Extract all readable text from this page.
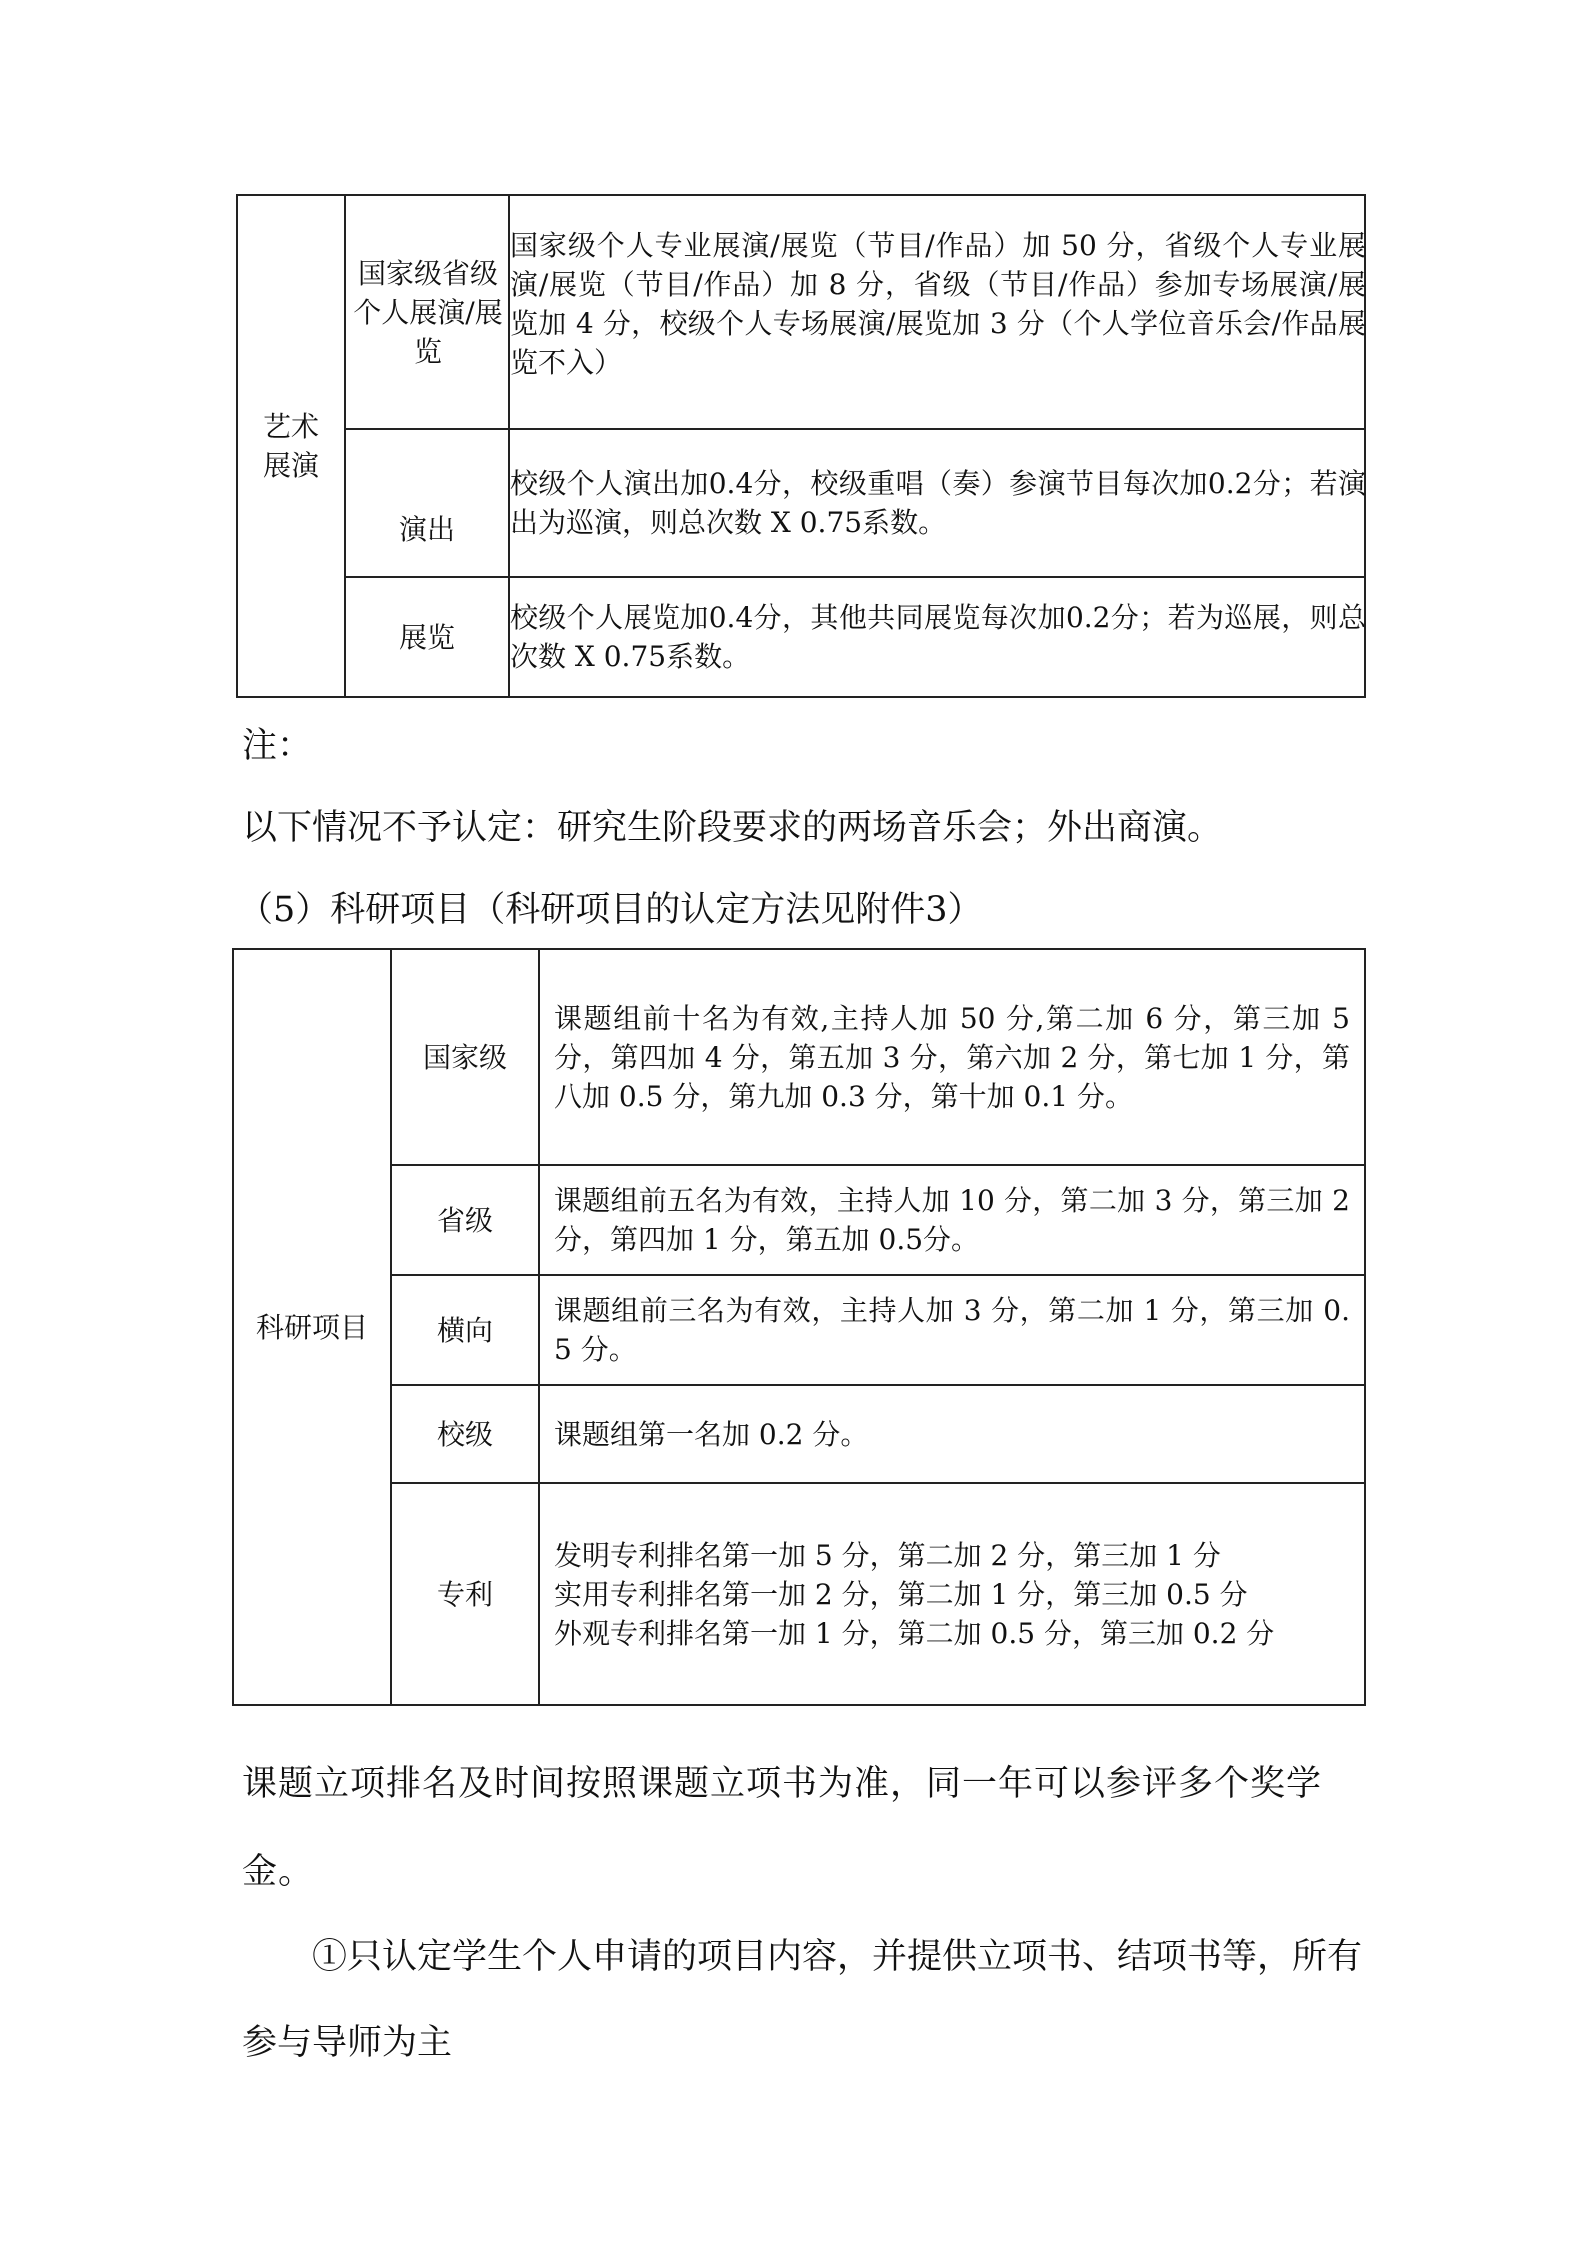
艺术展演	国家级省级个人展演/展览	国家级个人专业展演/展览（节目/作品）加 50 分，省级个人专业展演/展览（节目/作品）加 8 分，省级（节目/作品）参加专场展演/展览加 4 分，校级个人专场展演/展览加 3 分（个人学位音乐会/作品展览不入）

	演出	校级个人演出加0.4分，校级重唱（奏）参演节目每次加0.2分；若演出为巡演，则总次数 X 0.75系数。

	展览	校级个人展览加0.4分，其他共同展览每次加0.2分；若为巡展，则总次数 X 0.75系数。
注：
以下情况不予认定：研究生阶段要求的两场音乐会；外出商演。
（5）科研项目（科研项目的认定方法见附件3）
科研项目	国家级	课题组前十名为有效,主持人加 50 分,第二加 6 分，第三加 5 分，第四加 4 分，第五加 3 分，第六加 2 分，第七加 1 分，第八加 0.5 分，第九加 0.3 分，第十加 0.1 分。

	省级	课题组前五名为有效，主持人加 10 分，第二加 3 分，第三加 2 分，第四加 1 分，第五加 0.5分。

	横向	课题组前三名为有效，主持人加 3 分，第二加 1 分，第三加 0.5 分。

	校级	课题组第一名加 0.2 分。

	专利	发明专利排名第一加 5 分，第二加 2 分，第三加 1 分
实用专利排名第一加 2 分，第二加 1 分，第三加 0.5 分
外观专利排名第一加 1 分，第二加 0.5 分，第三加 0.2 分
课题立项排名及时间按照课题立项书为准，同一年可以参评多个奖学金。
①只认定学生个人申请的项目内容，并提供立项书、结项书等，所有参与导师为主
